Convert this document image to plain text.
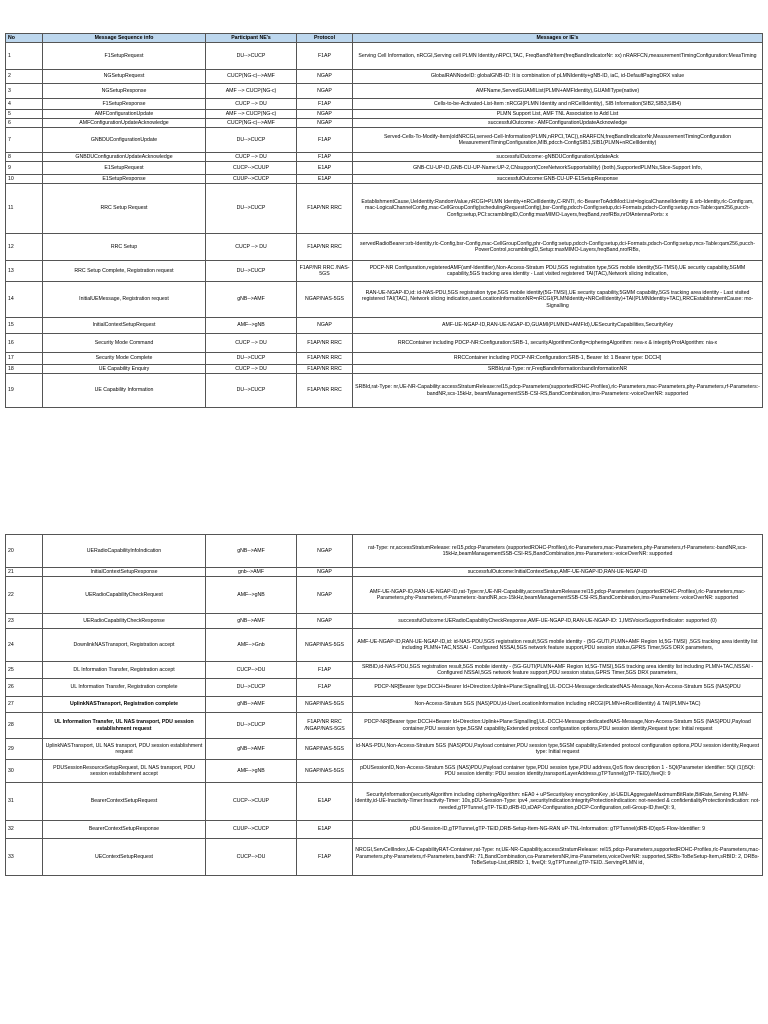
No	Message Sequence info	Participant NE's	Protocol	Messages or IE's
1	F1SetupRequest	DU-->CUCP	F1AP	Serving Cell Information, nRCGI,Serving cell PLMN Identity,nRPCI,TAC, FreqBandNrItem(freqBandIndicatorNr: xx) nRARFCN,measurementTimingConfiguration:MeasTiming
2	NGSetupRequest	CUCP(NG-c)-->AMF	NGAP	GlobalRANNodeID: globalGNB-ID: It is combination of pLMNIdentity+gNB-ID, iaC, id-DefaultPagingDRX value
3	NGSetupResponse	AMF --> CUCP(NG-c)	NGAP	AMFName,ServedGUAMIList(PLMN+AMFIdentity),GUAMIType(native)
4	F1SetupResponse	CUCP --> DU	F1AP	Cells-to-be-Activated-List-Item :nRCGI(PLMN Identity and nRCellIdentity), SIB Information(SIB2,SIB3,SIB4)
5	AMFConfigurationUpdate	AMF --> CUCP(NG-c)	NGAP	PLMN Support List, AMF TNL Association to Add List
6	AMFConfigurationUpdateAcknowledge	CUCP(NG-c)-->AMF	NGAP	successfulOutcome:- AMFConfigurationUpdateAcknowledge
7	GNBDUConfigurationUpdate	DU-->CUCP	F1AP	Served-Cells-To-Modify-Item(oldNRCGI,served-Cell-Information(PLMN,nRPCI,TAC)),nRARFCN,freqBandIndicatorNr,MeasurementTimingConfiguration MeasurementTimingConfiguration,MIB,pdcch-ConfigSIB1,SIB1(PLMN+nRCellIdentity)
8	GNBDUConfigurationUpdateAcknowledge	CUCP --> DU	F1AP	successfulOutcome:-gNBDUConfigurationUpdateAck
9	E1SetupRequest	CUCP-->CUUP	E1AP	GNB-CU-UP-ID,GNB-CU-UP-Name:UP-2,CNsupport(CoreNetworkSupportability) (both),SupportedPLMNs,Slice-Support Info,
10	E1SetupResponse	CUUP-->CUCP	E1AP	successfulOutcome:GNB-CU-UP-E1SetupResponse
11	RRC Setup Request	DU-->CUCP	F1AP/NR RRC	EstablishmentCause,UeIdentity:RandomValue,nRCGI=PLMN Identity+nRCellIdentity,C-RNTI, rlc-BearerToAddMod:List=logicalChannelIdentity & srb-Identity,rlc-Config:am, mac-LogicalChannelConfig,mac-CellGroupConfig(schedulingRequestConfig),bsr-Config,pdcch-Config:setup,dci-Formats,pdsch-Config:setup,mcs-Table:qam256,pucch-Config:setup,PCI:scramblingID,Config:maxMIMO-Layers,freqBand,nrofRBs,nrOfAntennaPorts: x
12	RRC Setup	CUCP --> DU	F1AP/NR RRC	servedRadioBearer:srb-Identity,rlc-Config,bsr-Config,mac-CellGroupConfig,phr-Config:setup,pdcch-Config:setup,dci-Formats,pdsch-Config:setup,mcs-Table:qam256,pucch-PowerControl,scramblingID,Setup:maxMIMO-Layers,freqBand,nrofRBs,
13	RRC Setup Complete, Registration request	DU-->CUCP	F1AP/NR RRC /NAS-5GS	PDCP-NR Configuration,registeredAMF(amf-Identifier),Non-Access-Stratum PDU,5GS registration type,5GS mobile identity(5G-TMSI),UE security capability,5GMM capability,5GS tracking area identity - Last visited registered TAI(TAC),Network slicing indication,
14	InitialUEMessage, Registration request	gNB-->AMF	NGAP/NAS-5GS	RAN-UE-NGAP-ID,id: id-NAS-PDU,5GS registration type,5GS mobile identity(5G-TMSI),UE security capability,5GMM capability,5GS tracking area identity - Last visited registered TAI(TAC), Network slicing indication,userLocationInformationNR=nRCGI(PLMNIdentity+NRCellIdentity)+TAI(PLMNIdentity+TAC),RRCEstablishmentCause: mo-Signalling
15	InitialContextSetupRequest	AMF-->gNB	NGAP	AMF-UE-NGAP-ID,RAN-UE-NGAP-ID,GUAMI(PLMNID+AMFId),UESecurityCapabilities,SecurityKey
16	Security Mode Command	CUCP --> DU	F1AP/NR RRC	RRCContainer including PDCP-NR:Configuration:SRB-1, securityAlgorithmConfig=cipheringAlgorithm: nea-x & integrityProtAlgorithm: nia-x
17	Security Mode Complete	DU-->CUCP	F1AP/NR RRC	RRCContainer including PDCP-NR:Configuration:SRB-1, Bearer Id: 1 Bearer type: DCCH]
18	UE Capability Enquiry	CUCP --> DU	F1AP/NR RRC	SRBId,rat-Type: nr,FreqBandInformation:bandInformationNR
19	UE Capability Information	DU-->CUCP	F1AP/NR RRC	SRBId,rat-Type: nr,UE-NR-Capability:accessStratumRelease:rel15,pdcp-Parameters(supportedROHC-Profiles),rlc-Parameters,mac-Parameters,phy-Parameters,rf-Parameters:-bandNR,scs-15kHz, beamManagementSSB-CSI-RS,BandCombination,ims-Parameters:-voiceOverNR: supported
20	UERadioCapabilityInfoIndication	gNB-->AMF	NGAP	rat-Type: nr,accessStratumRelease: rel15,pdcp-Parameters (supportedROHC-Profiles),rlc-Parameters,mac-Parameters,phy-Parameters,rf-Parameters:-bandNR,scs-15kHz,beamManagementSSB-CSI-RS,BandCombination,ims-Parameters:-voiceOverNR: supported
21	InitialContextSetupResponse	gnb-->AMF	NGAP	successfulOutcome:InitialContextSetup,AMF-UE-NGAP-ID,RAN-UE-NGAP-ID
22	UERadioCapabilityCheckRequest	AMF-->gNB	NGAP	AMF-UE-NGAP-ID,RAN-UE-NGAP-ID,rat-Type:nr,UE-NR-Capability,accessStratumRelease:rel15,pdcp-Parameters (supportedROHC-Profiles),rlc-Parameters,mac-Parameters,phy-Parameters,rf-Parameters:-bandNR,scs-15kHz,beamManagementSSB-CSI-RS,BandCombination,ims-Parameters:-voiceOverNR: supported
23	UERadioCapabilityCheckResponse	gNB-->AMF	NGAP	successfulOutcome:UERadioCapabilityCheckResponse,AMF-UE-NGAP-ID,RAN-UE-NGAP-ID: 1,IMSVoiceSupportIndicator: supported (0)
24	DownlinkNASTransport, Registration accept	AMF-->Gnb	NGAP/NAS-5GS	AMF-UE-NGAP-ID,RAN-UE-NGAP-ID,id: id-NAS-PDU,5GS registration result,5GS mobile identity - (5G-GUTI,PLMN+AMF Region Id,5G-TMSI) ,5GS tracking area identity list including PLMN+TAC,NSSAI - Configured NSSAI,5GS network feature support,PDU session status,GPRS Timer,5GS DRX parameters,
25	DL Information Transfer, Registration accept	CUCP-->DU	F1AP	SRBID,id-NAS-PDU,5GS registration result,5GS mobile identity - (5G-GUTI(PLMN+AMF Region Id,5G-TMSI),5GS tracking area identity list including PLMN+TAC,NSSAI - Configured NSSAI,5GS network feature support,PDU session status,GPRS Timer,5GS DRX parameters,
26	UL Information Transfer, Registration complete	DU-->CUCP	F1AP	PDCP-NR[Bearer type:DCCH+Bearer Id+Direction:Uplink+Plane:Signalling],UL-DCCH-Message:dedicatedNAS-Message,Non-Access-Stratum 5GS (NAS)PDU
27	UplinkNASTransport, Registration complete	gNB-->AMF	NGAP/NAS-5GS	Non-Access-Stratum 5GS (NAS)PDU,id-UserLocationInformation including nRCGI(PLMN+nRcellIdentity) & TAI(PLMN+TAC)
28	UL Information Transfer, UL NAS transport, PDU session establishment request	DU-->CUCP	F1AP/NR RRC /NGAP/NAS-5GS	PDCP-NR[Bearer type:DCCH+Bearer Id+Direction:Uplink+Plane:Signalling],UL-DCCH-Message:dedicatedNAS-Message,Non-Access-Stratum 5GS (NAS)PDU,Payload container,PDU session type,5GSM capability,Extended protocol configuration options,PDU session identity,Request type: Initial request
29	UplinkNASTransport, UL NAS transport, PDU session establishment request	gNB-->AMF	NGAP/NAS-5GS	id-NAS-PDU,Non-Access-Stratum 5GS (NAS)PDU,Payload container,PDU session type,5GSM capability,Extended protocol configuration options,PDU session identity,Request type: Initial request
30	PDUSessionResourceSetupRequest, DL NAS transport, PDU session establishment accept	AMF-->gNB	NGAP/NAS-5GS	pDUSessionID,Non-Access-Stratum 5GS (NAS)PDU,Payload container type,PDU session type,PDU address,QoS flow description 1 - 5QI(Parameter identifier: 5QI (1))5QI: PDU session identity: PDU session identity,transportLayerAddress,gTPTunnel(gTP-TEID),fiveQI: 9
31	BearerContextSetupRequest	CUCP-->CUUP	E1AP	SecurityInformation(securityAlgorithm including cipheringAlgorithm: nEA0 + uPSecuritykey encryptionKey ,id-UEDLAggregateMaximumBitRate,BitRate,Serving PLMN-Identity,id-UE-Inactivity-Timer:Inactivity-Timer: 10s,pDU-Session-Type: ipv4 ,securityIndication:integrityProtectionIndication: not-needed & confidentialityProtectionIndication: not-needed,gTPTunnel,gTP-TEID,dRB-ID,sDAP-Configuration,pDCP-Configuration,cell-Group-ID,fiveQI: 9,
32	BearerContextSetupResponse	CUUP-->CUCP	E1AP	pDU-Session-ID,gTPTunnel,gTP-TEID,DRB-Setup-Item-NG-RAN uP-TNL-Information: gTPTunnel(dRB-ID)qoS-Flow-Identifier: 9
33	UEContextSetupRequest	CUCP-->DU	F1AP	NRCGI,ServCellIndex,UE-CapabilityRAT-Container,rat-Type: nr,UE-NR-Capability,accessStratumRelease: rel15,pdcp-Parameters,supportedROHC-Profiles,rlc-Parameters,mac-Parameters,phy-Parameters,rf-Parameters,bandNR: 71,BandCombination,ca-ParametersNR,ims-Parameters,voiceOverNR: supported,SRBs-ToBeSetup-Item,sRBID: 2, DRBs-ToBeSetup-List,dRBID: 1, fiveQI: 9,gTPTunnel,gTP-TEID..ServingPLMN id,
